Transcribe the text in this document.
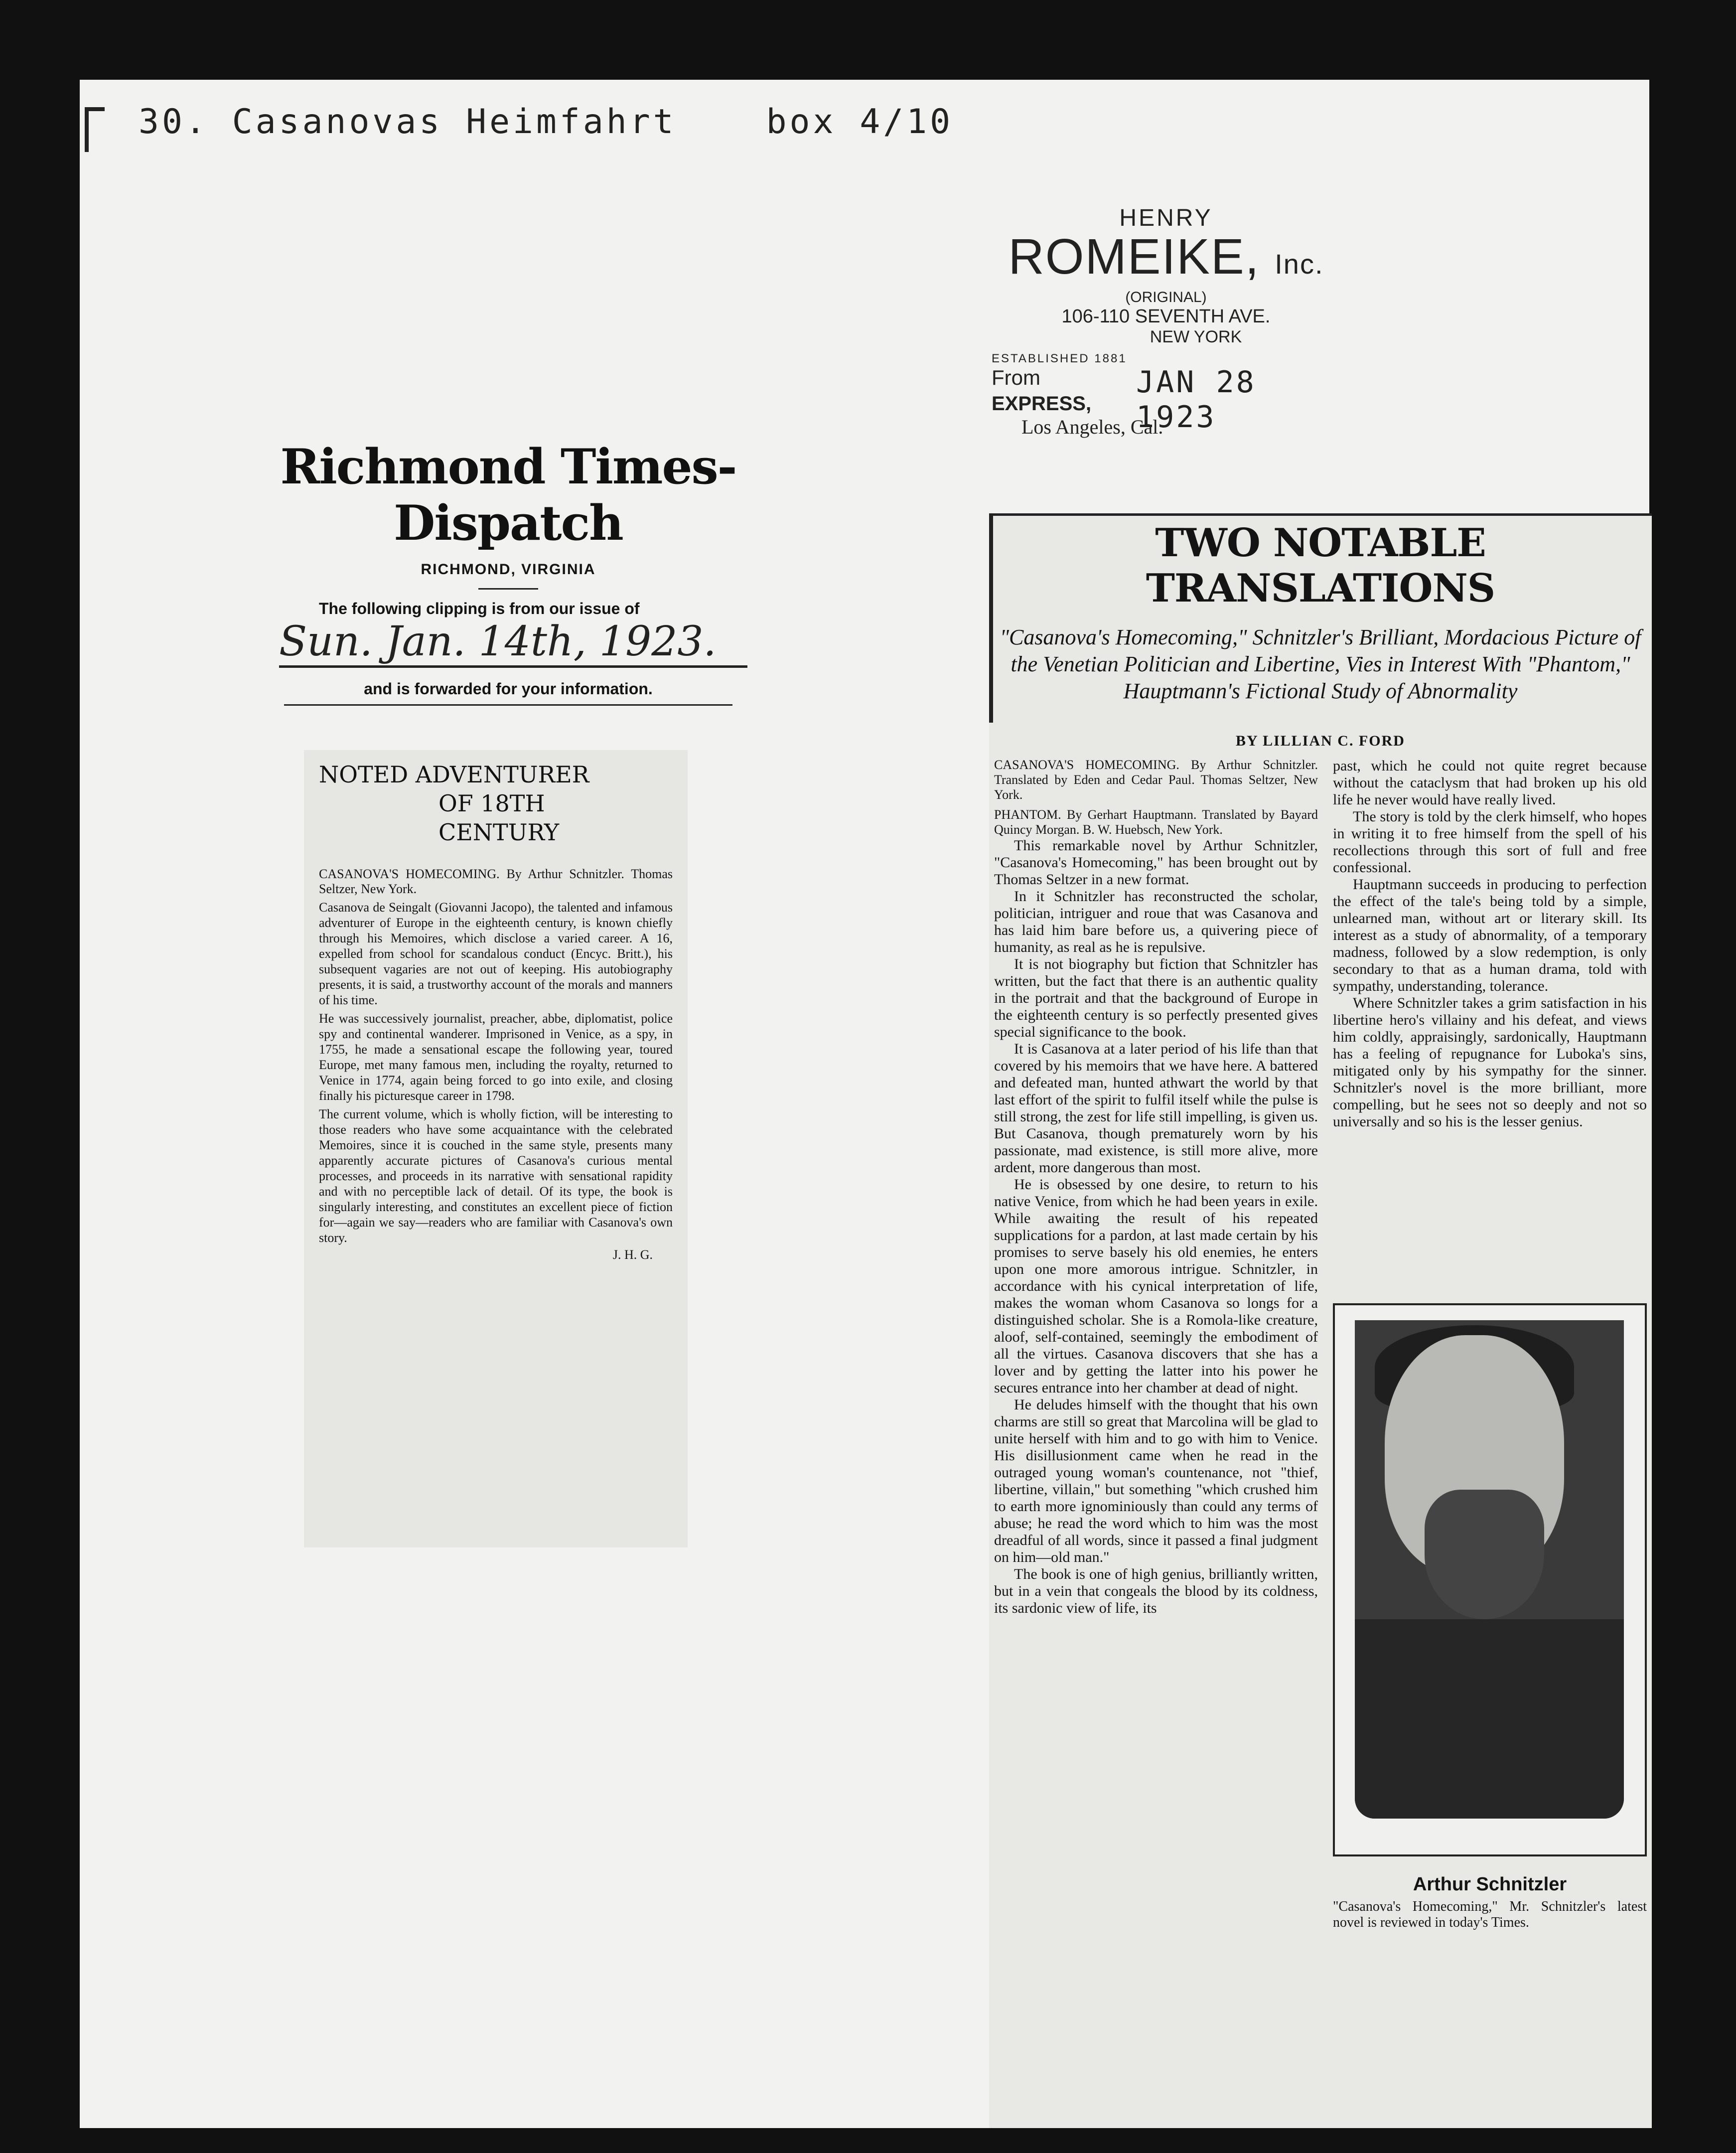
30. Casanovas Heimfahrt	box 4/10
Richmond Times-Dispatch
RICHMOND, VIRGINIA
The following clipping is from our issue of
Sun. Jan. 14th, 1923.
and is forwarded for your information.
NOTED ADVENTURER
OF 18TH CENTURY
CASANOVA'S HOMECOMING. By Arthur Schnitzler. Thomas Seltzer, New York.
Casanova de Seingalt (Giovanni Jacopo), the talented and infamous adventurer of Europe in the eighteenth century, is known chiefly through his Memoires, which disclose a varied career. A 16, expelled from school for scandalous conduct (Encyc. Britt.), his subsequent vagaries are not out of keeping. His autobiography presents, it is said, a trustworthy account of the morals and manners of his time.
He was successively journalist, preacher, abbe, diplomatist, police spy and continental wanderer. Imprisoned in Venice, as a spy, in 1755, he made a sensational escape the following year, toured Europe, met many famous men, including the royalty, returned to Venice in 1774, again being forced to go into exile, and closing finally his picturesque career in 1798.
The current volume, which is wholly fiction, will be interesting to those readers who have some acquaintance with the celebrated Memoires, since it is couched in the same style, presents many apparently accurate pictures of Casanova's curious mental processes, and proceeds in its narrative with sensational rapidity and with no perceptible lack of detail. Of its type, the book is singularly interesting, and constitutes an excellent piece of fiction for—again we say—readers who are familiar with Casanova's own story.
J. H. G.
HENRY
ROMEIKE, Inc.
(ORIGINAL)
106-110 SEVENTH AVE.
NEW YORK
ESTABLISHED 1881
JAN 28 1923
From
EXPRESS,
Los Angeles, Cal.
TWO NOTABLE TRANSLATIONS
"Casanova's Homecoming," Schnitzler's Brilliant, Mordacious Picture of the Venetian Politician and Libertine, Vies in Interest With "Phantom," Hauptmann's Fictional Study of Abnormality
BY LILLIAN C. FORD

CASANOVA'S HOMECOMING. By Arthur Schnitzler. Translated by Eden and Cedar Paul. Thomas Seltzer, New York.

PHANTOM. By Gerhart Hauptmann. Translated by Bayard Quincy Morgan. B. W. Huebsch, New York.

This remarkable novel by Arthur Schnitzler, "Casanova's Homecoming," has been brought out by Thomas Seltzer in a new format.

In it Schnitzler has reconstructed the scholar, politician, intriguer and roue that was Casanova and has laid him bare before us, a quivering piece of humanity, as real as he is repulsive.

It is not biography but fiction that Schnitzler has written, but the fact that there is an authentic quality in the portrait and that the background of Europe in the eighteenth century is so perfectly presented gives special significance to the book.

It is Casanova at a later period of his life than that covered by his memoirs that we have here. A battered and defeated man, hunted athwart the world by that last effort of the spirit to fulfil itself while the pulse is still strong, the zest for life still impelling, is given us. But Casanova, though prematurely worn by his passionate, mad existence, is still more alive, more ardent, more dangerous than most.

He is obsessed by one desire, to return to his native Venice, from which he had been years in exile. While awaiting the result of his repeated supplications for a pardon, at last made certain by his promises to serve basely his old enemies, he enters upon one more amorous intrigue. Schnitzler, in accordance with his cynical interpretation of life, makes the woman whom Casanova so longs for a distinguished scholar. She is a Romola-like creature, aloof, self-contained, seemingly the embodiment of all the virtues. Casanova discovers that she has a lover and by getting the latter into his power he secures entrance into her chamber at dead of night.

He deludes himself with the thought that his own charms are still so great that Marcolina will be glad to unite herself with him and to go with him to Venice. His disillusionment came when he read in the outraged young woman's countenance, not "thief, libertine, villain," but something "which crushed him to earth more ignominiously than could any terms of abuse; he read the word which to him was the most dreadful of all words, since it passed a final judgment on him—old man."

The book is one of high genius, brilliantly written, but in a vein that congeals the blood by its coldness, its sardonic view of life, its

past, which he could not quite regret because without the cataclysm that had broken up his old life he never would have really lived.

The story is told by the clerk himself, who hopes in writing it to free himself from the spell of his recollections through this sort of full and free confessional.

Hauptmann succeeds in producing to perfection the effect of the tale's being told by a simple, unlearned man, without art or literary skill. Its interest as a study of abnormality, of a temporary madness, followed by a slow redemption, is only secondary to that as a human drama, told with sympathy, understanding, tolerance.

Where Schnitzler takes a grim satisfaction in his libertine hero's villainy and his defeat, and views him coldly, appraisingly, sardonically, Hauptmann has a feeling of repugnance for Luboka's sins, mitigated only by his sympathy for the sinner. Schnitzler's novel is the more brilliant, more compelling, but he sees not so deeply and not so universally and so his is the lesser genius.

Arthur Schnitzler
"Casanova's Homecoming," Mr. Schnitzler's latest novel is reviewed in today's Times.
